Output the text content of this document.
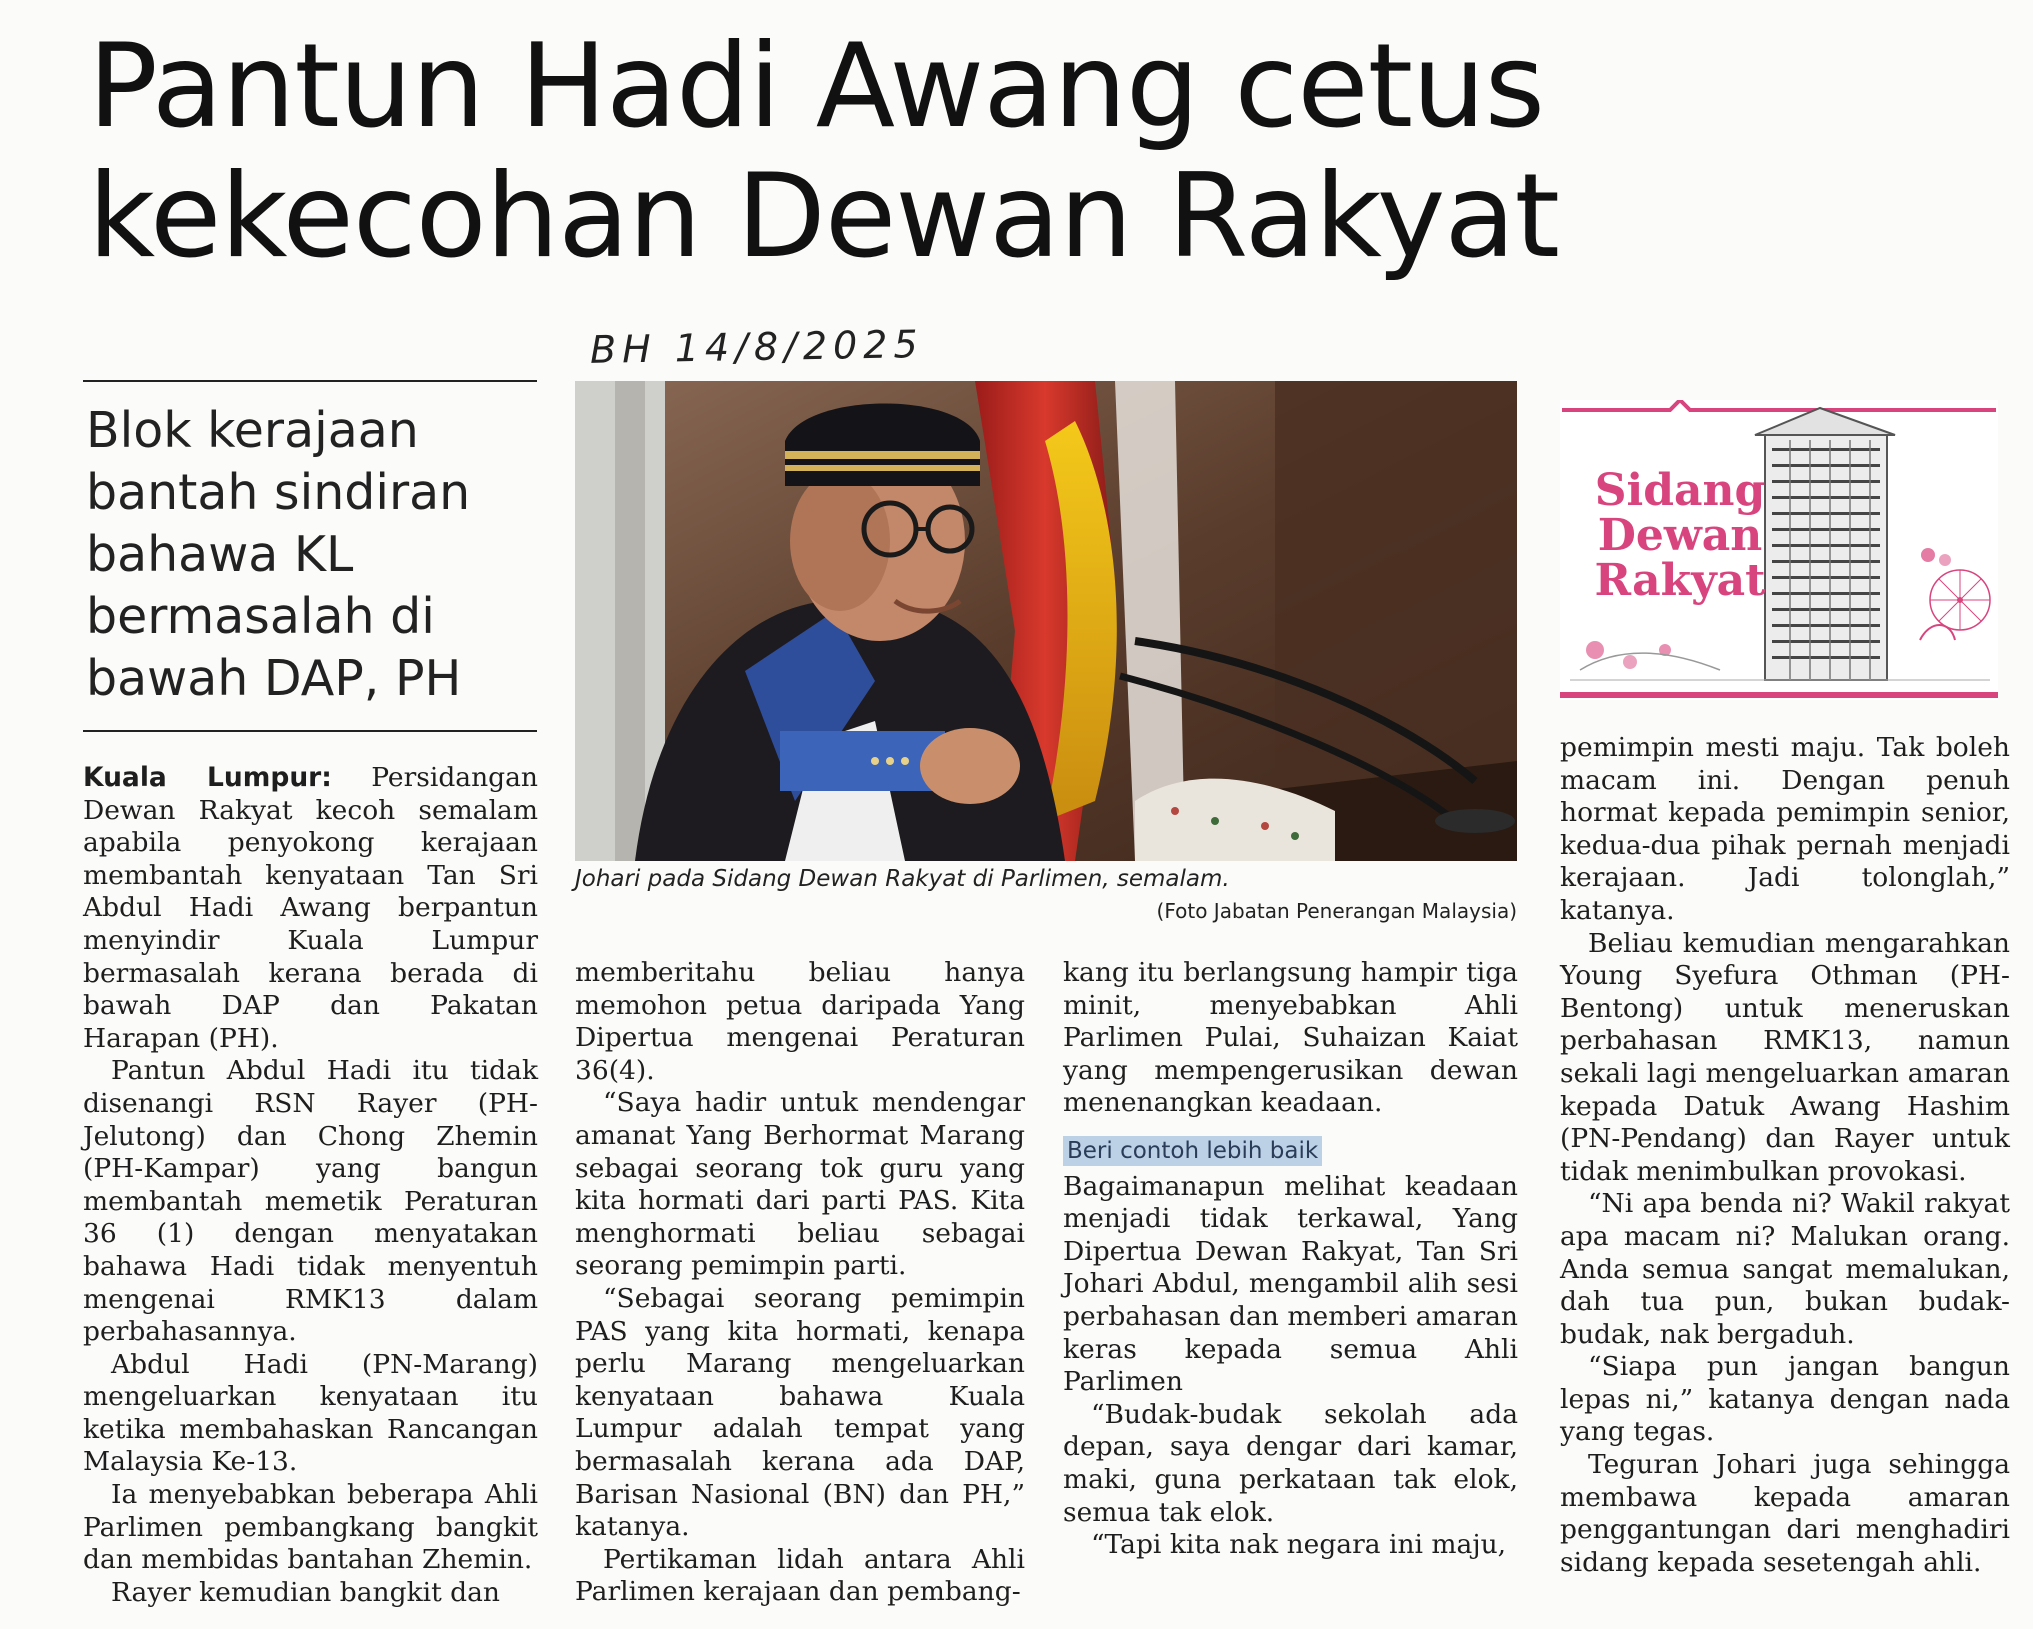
Pantun Hadi Awang cetus
kekecohan Dewan Rakyat
BH 14/8/2025
Blok kerajaan bantah sindiran bahawa KL bermasalah di bawah DAP, PH
Johari pada Sidang Dewan Rakyat di Parlimen, semalam.
(Foto Jabatan Penerangan Malaysia)
Sidang
Dewan
Rakyat

Kuala Lumpur: Persidangan Dewan Rakyat kecoh semalam apabila penyokong kerajaan membantah kenyataan Tan Sri Abdul Hadi Awang berpantun menyindir Kuala Lumpur bermasalah kerana berada di bawah DAP dan Pakatan Harapan (PH).

Pantun Abdul Hadi itu tidak disenangi RSN Rayer (PH-Jelutong) dan Chong Zhemin (PH-Kampar) yang bangun membantah memetik Peraturan 36 (1) dengan menyatakan bahawa Hadi tidak menyentuh mengenai RMK13 dalam perbahasannya.

Abdul Hadi (PN-Marang) mengeluarkan kenyataan itu ketika membahaskan Rancangan Malaysia Ke-13.

Ia menyebabkan beberapa Ahli Parlimen pembangkang bangkit dan membidas bantahan Zhemin.

Rayer kemudian bangkit dan

memberitahu beliau hanya memohon petua daripada Yang Dipertua mengenai Peraturan 36(4).

“Saya hadir untuk mendengar amanat Yang Berhormat Marang sebagai seorang tok guru yang kita hormati dari parti PAS. Kita menghormati beliau sebagai seorang pemimpin parti.

“Sebagai seorang pemimpin PAS yang kita hormati, kenapa perlu Marang mengeluarkan kenyataan bahawa Kuala Lumpur adalah tempat yang bermasalah kerana ada DAP, Barisan Nasional (BN) dan PH,” katanya.

Pertikaman lidah antara Ahli Parlimen kerajaan dan pembang-

kang itu berlangsung hampir tiga minit, menyebabkan Ahli Parlimen Pulai, Suhaizan Kaiat yang mempengerusikan dewan menenangkan keadaan.

Beri contoh lebih baik

Bagaimanapun melihat keadaan menjadi tidak terkawal, Yang Dipertua Dewan Rakyat, Tan Sri Johari Abdul, mengambil alih sesi perbahasan dan memberi amaran keras kepada semua Ahli Parlimen

“Budak-budak sekolah ada depan, saya dengar dari kamar, maki, guna perkataan tak elok, semua tak elok.

“Tapi kita nak negara ini maju,

pemimpin mesti maju. Tak boleh macam ini. Dengan penuh hormat kepada pemimpin senior, kedua-dua pihak pernah menjadi kerajaan. Jadi tolonglah,” katanya.

Beliau kemudian mengarahkan Young Syefura Othman (PH-Bentong) untuk meneruskan perbahasan RMK13, namun sekali lagi mengeluarkan amaran kepada Datuk Awang Hashim (PN-Pendang) dan Rayer untuk tidak menimbulkan provokasi.

“Ni apa benda ni? Wakil rakyat apa macam ni? Malukan orang. Anda semua sangat memalukan, dah tua pun, bukan budak-budak, nak bergaduh.

“Siapa pun jangan bangun lepas ni,” katanya dengan nada yang tegas.

Teguran Johari juga sehingga membawa kepada amaran penggantungan dari menghadiri sidang kepada sesetengah ahli.
